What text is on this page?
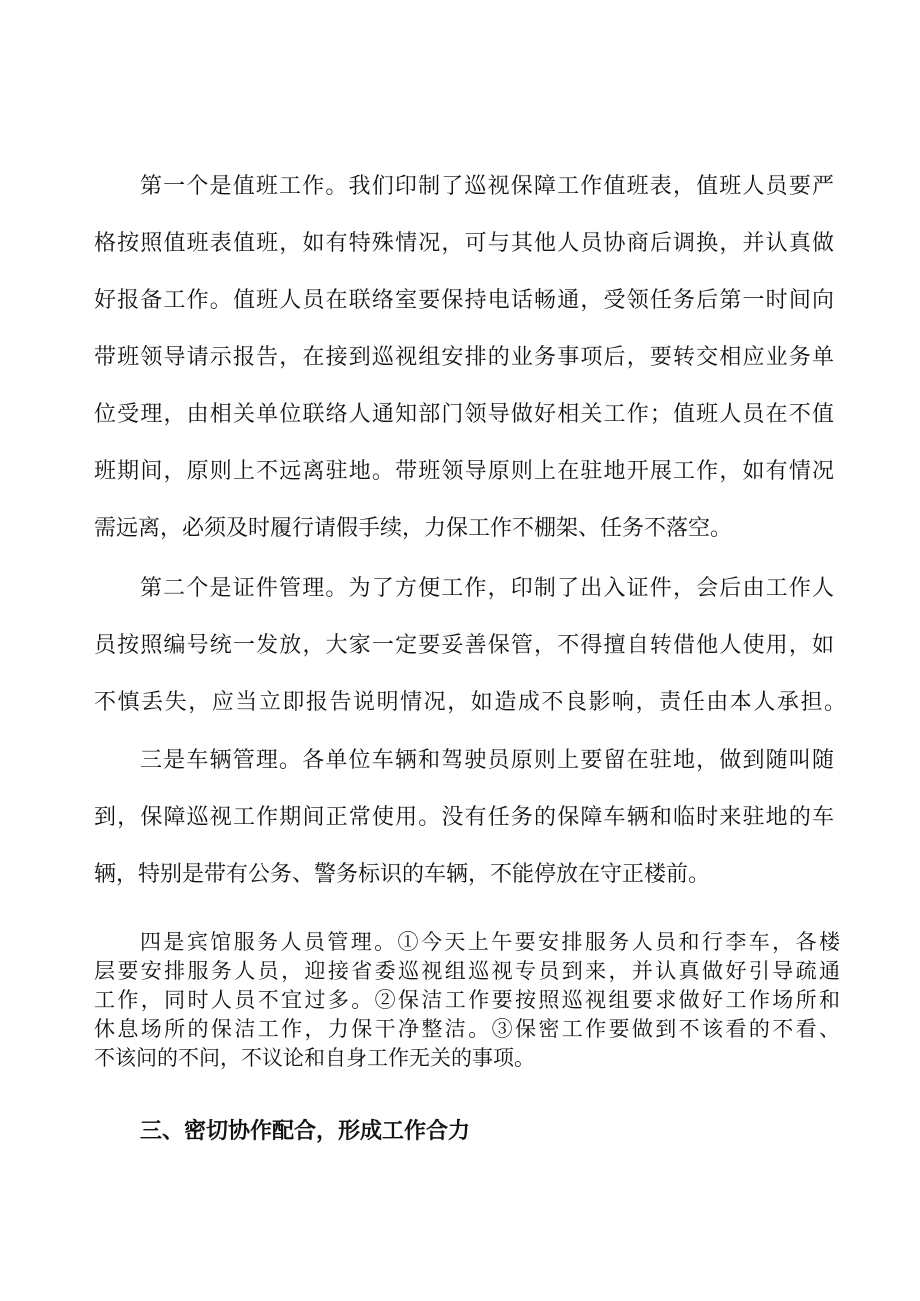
第一个是值班工作。我们印制了巡视保障工作值班表，值班人员要严

格按照值班表值班，如有特殊情况，可与其他人员协商后调换，并认真做

好报备工作。值班人员在联络室要保持电话畅通，受领任务后第一时间向

带班领导请示报告，在接到巡视组安排的业务事项后，要转交相应业务单

位受理，由相关单位联络人通知部门领导做好相关工作；值班人员在不值

班期间，原则上不远离驻地。带班领导原则上在驻地开展工作，如有情况

需远离，必须及时履行请假手续，力保工作不棚架、任务不落空。

第二个是证件管理。为了方便工作，印制了出入证件，会后由工作人

员按照编号统一发放，大家一定要妥善保管，不得擅自转借他人使用，如

不慎丢失，应当立即报告说明情况，如造成不良影响，责任由本人承担。

三是车辆管理。各单位车辆和驾驶员原则上要留在驻地，做到随叫随

到，保障巡视工作期间正常使用。没有任务的保障车辆和临时来驻地的车

辆，特别是带有公务、警务标识的车辆，不能停放在守正楼前。

四是宾馆服务人员管理。①今天上午要安排服务人员和行李车，各楼

层要安排服务人员，迎接省委巡视组巡视专员到来，并认真做好引导疏通

工作，同时人员不宜过多。②保洁工作要按照巡视组要求做好工作场所和

休息场所的保洁工作，力保干净整洁。③保密工作要做到不该看的不看、

不该问的不问，不议论和自身工作无关的事项。

三、密切协作配合，形成工作合力
